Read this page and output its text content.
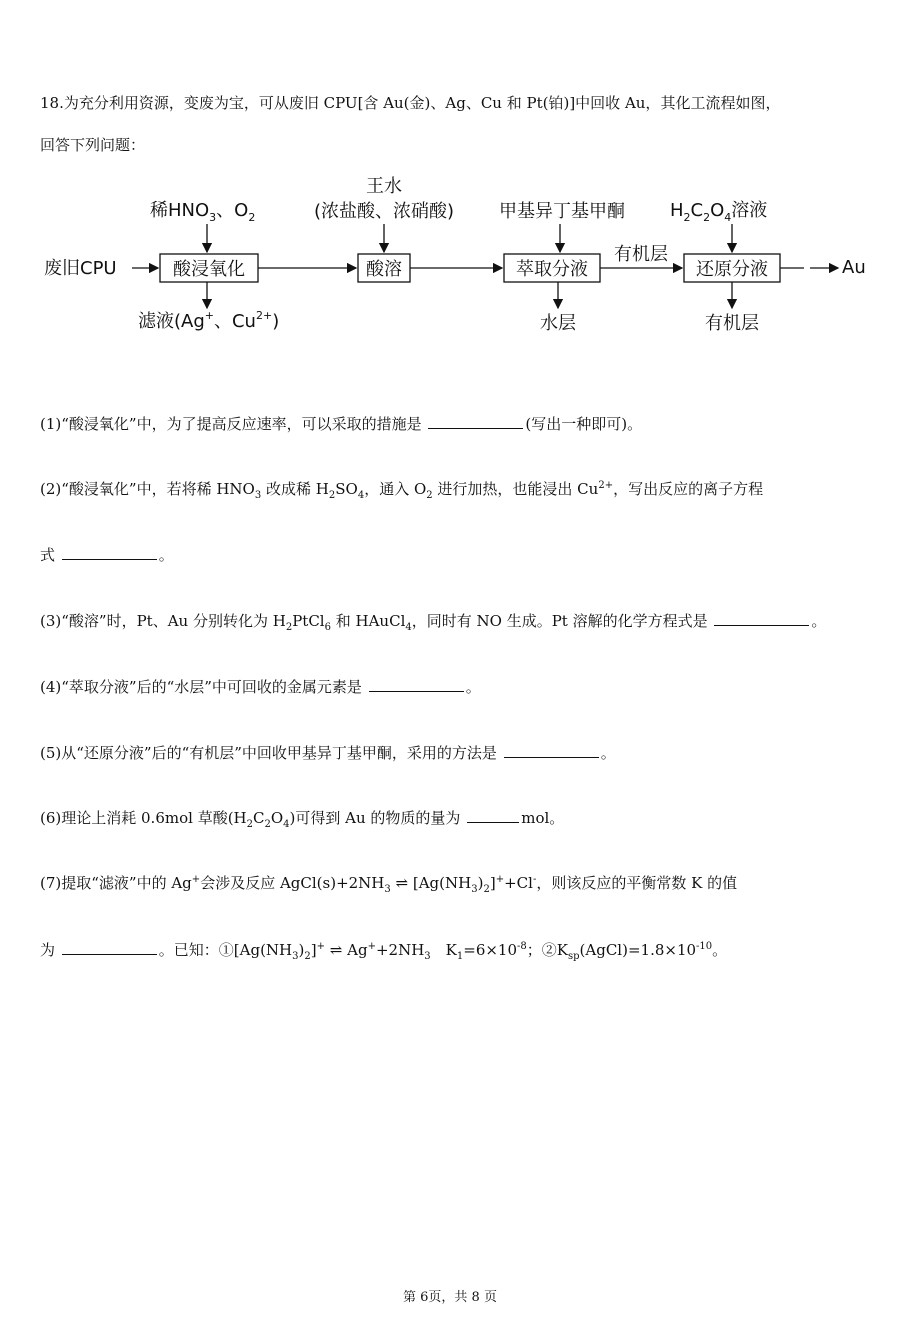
18.为充分利用资源，变废为宝，可从废旧 CPU[含 Au(金)、Ag、Cu 和 Pt(铂)]中回收 Au，其化工流程如图，
回答下列问题：
废旧CPU	酸浸氧化	酸溶	萃取分液
有机层
还原分液	Au
稀$HNO_3$、$O_2$
王水
(浓盐酸、浓硝酸) 甲基异丁基甲酮	$H_2C_2O_4$溶液
滤液(Ag+、$Cu^{2+}$)	水层	有机层
(1)“酸浸氧化”中，为了提高反应速率，可以采取的措施是	(写出一种即可)。
(2)“酸浸氧化”中，若将稀 $HNO_3$ 改成稀 $H_2SO_4$，通入 $O_2$ 进行加热，也能浸出 $Cu^{2+}$，写出反应的离子方程
式	。
(3)“酸溶”时，Pt、Au 分别转化为 $H_2PtCl_6$ 和 HAuCl$_4$，同时有 NO 生成。Pt 溶解的化学方程式是	。
(4)“萃取分液”后的“水层”中可回收的金属元素是	。
(5)从“还原分液”后的“有机层”中回收甲基异丁基甲酮，采用的方法是	。
(6)理论上消耗 0.6mol 草酸$(H_2C_2O_4)$可得到 Au 的物质的量为	mol。
(7)提取“滤液”中的 Ag+会涉及反应 $AgCl(s)+2NH_3$ ⇌ $[Ag(NH_3)_2]^++Cl^-$，则该反应的平衡常数 K 的值
为	。已知：$①[Ag(NH_3)_2]^+$ ⇌ $Ag^++2NH_3$　$K_1=6\times 10^{-8}$；$②K_{sp}(AgCl)=1.8\times 10^{-10}$。
第 6页，共 8 页
